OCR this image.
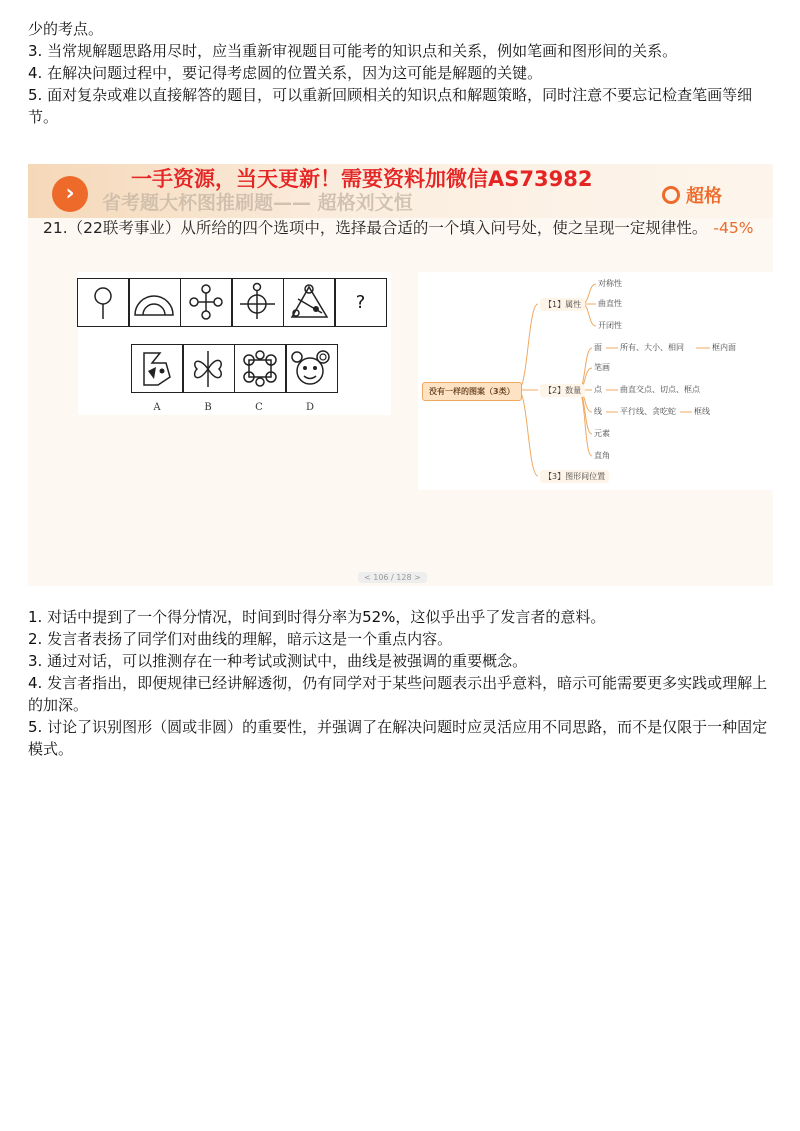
少的考点。
3. 当常规解题思路用尽时，应当重新审视题目可能考的知识点和关系，例如笔画和图形间的关系。
4. 在解决问题过程中，要记得考虑圆的位置关系，因为这可能是解题的关键。
5. 面对复杂或难以直接解答的题目，可以重新回顾相关的知识点和解题策略，同时注意不要忘记检查笔画等细节。
›	省考题大杯图推刷题—— 超格刘文恒
一手资源，当天更新！需要资料加微信AS73982
超格
21.（22联考事业）从所给的四个选项中，选择最合适的一个填入问号处，使之呈现一定规律性。 -45%
?
A	B	C	D
没有一样的图案（3类）
【1】属性
对称性
曲直性
开闭性
【2】数量
面 所有、大小、相同	框内面
笔画
点 曲直交点、切点、框点
线 平行线、贪吃蛇 框线
元素
直角
【3】图形间位置
< 106 / 128 >
1. 对话中提到了一个得分情况，时间到时得分率为52%，这似乎出乎了发言者的意料。
2. 发言者表扬了同学们对曲线的理解，暗示这是一个重点内容。
3. 通过对话，可以推测存在一种考试或测试中，曲线是被强调的重要概念。
4. 发言者指出，即便规律已经讲解透彻，仍有同学对于某些问题表示出乎意料，暗示可能需要更多实践或理解上的加深。
5. 讨论了识别图形（圆或非圆）的重要性，并强调了在解决问题时应灵活应用不同思路，而不是仅限于一种固定模式。
